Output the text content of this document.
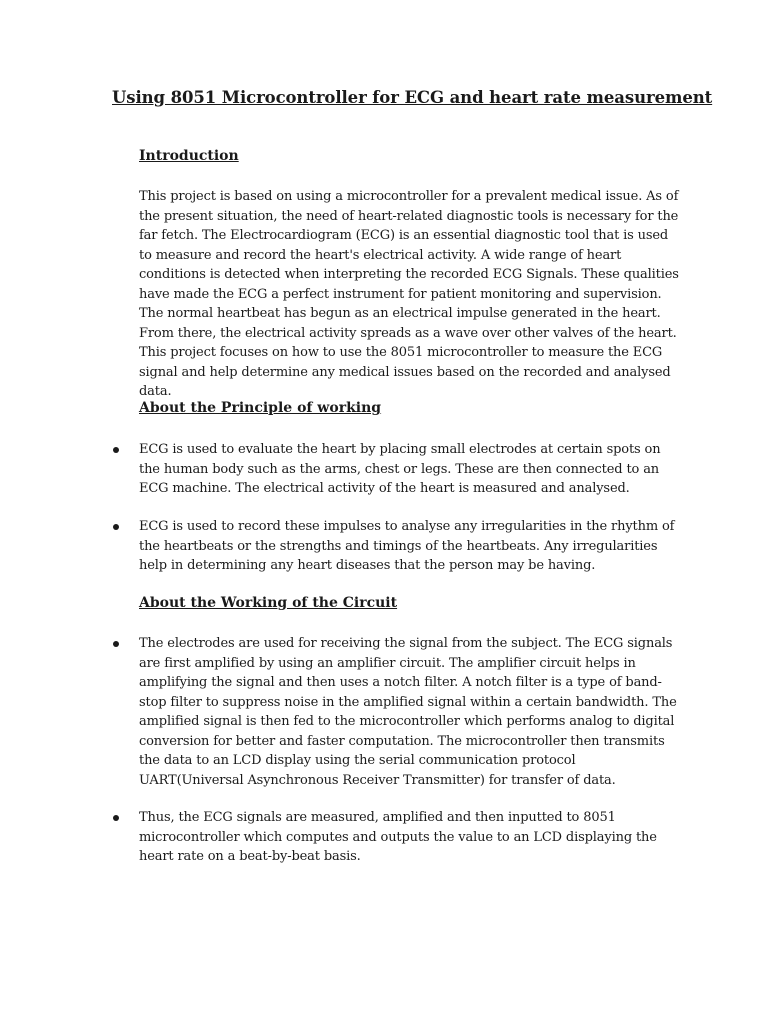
Using 8051 Microcontroller for ECG and heart rate measurement
Introduction

This project is based on using a microcontroller for a prevalent medical issue. As of the present situation, the need of heart-related diagnostic tools is necessary for the far fetch. The Electrocardiogram (ECG) is an essential diagnostic tool that is used to measure and record the heart's electrical activity. A wide range of heart conditions is detected when interpreting the recorded ECG Signals. These qualities have made the ECG a perfect instrument for patient monitoring and supervision. The normal heartbeat has begun as an electrical impulse generated in the heart. From there, the electrical activity spreads as a wave over other valves of the heart. This project focuses on how to use the 8051 microcontroller to measure the ECG signal and help determine any medical issues based on the recorded and analysed data.

About the Principle of working

ECG is used to evaluate the heart by placing small electrodes at certain spots on the human body such as the arms, chest or legs. These are then connected to an ECG machine. The electrical activity of the heart is measured and analysed.

ECG is used to record these impulses to analyse any irregularities in the rhythm of the heartbeats or the strengths and timings of the heartbeats. Any irregularities help in determining any heart diseases that the person may be having.

About the Working of the Circuit

The electrodes are used for receiving the signal from the subject. The ECG signals are first amplified by using an amplifier circuit. The amplifier circuit helps in amplifying the signal and then uses a notch filter. A notch filter is a type of band-stop filter to suppress noise in the amplified signal within a certain bandwidth. The amplified signal is then fed to the microcontroller which performs analog to digital conversion for better and faster computation. The microcontroller then transmits the data to an LCD display using the serial communication protocol UART(Universal Asynchronous Receiver Transmitter) for transfer of data.

Thus, the ECG signals are measured, amplified and then inputted to 8051 microcontroller which computes and outputs the value to an LCD displaying the heart rate on a beat-by-beat basis.
